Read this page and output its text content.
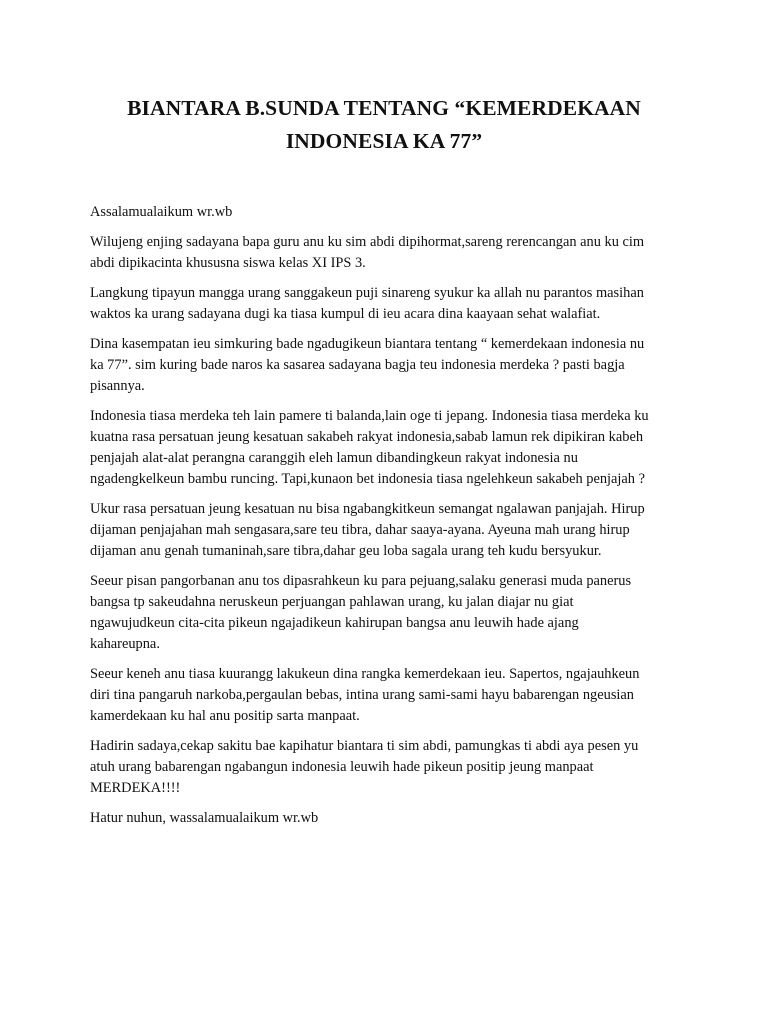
BIANTARA B.SUNDA TENTANG “KEMERDEKAAN
INDONESIA KA 77”

Assalamualaikum wr.wb

Wilujeng enjing sadayana bapa guru anu ku sim abdi dipihormat,sareng rerencangan anu ku cim
abdi dipikacinta khususna siswa kelas XI IPS 3.

Langkung tipayun mangga urang sanggakeun puji sinareng syukur ka allah nu parantos masihan
waktos ka urang sadayana dugi ka tiasa kumpul di ieu acara dina kaayaan sehat walafiat.

Dina kasempatan ieu simkuring bade ngadugikeun biantara tentang “ kemerdekaan indonesia nu
ka 77”. sim kuring bade naros ka sasarea sadayana bagja teu indonesia merdeka ? pasti bagja
pisannya.

Indonesia tiasa merdeka teh lain pamere ti balanda,lain oge ti jepang. Indonesia tiasa merdeka ku
kuatna rasa persatuan jeung kesatuan sakabeh rakyat indonesia,sabab lamun rek dipikiran kabeh
penjajah alat-alat perangna caranggih eleh lamun dibandingkeun rakyat indonesia nu
ngadengkelkeun bambu runcing. Tapi,kunaon bet indonesia tiasa ngelehkeun sakabeh penjajah ?

Ukur rasa persatuan jeung kesatuan nu bisa ngabangkitkeun semangat ngalawan panjajah. Hirup
dijaman penjajahan mah sengasara,sare teu tibra, dahar saaya-ayana. Ayeuna mah urang hirup
dijaman anu genah tumaninah,sare tibra,dahar geu loba sagala urang teh kudu bersyukur.

Seeur pisan pangorbanan anu tos dipasrahkeun ku para pejuang,salaku generasi muda panerus
bangsa tp sakeudahna neruskeun perjuangan pahlawan urang, ku jalan diajar nu giat
ngawujudkeun cita-cita pikeun ngajadikeun kahirupan bangsa anu leuwih hade ajang
kahareupna.

Seeur keneh anu tiasa kuurangg lakukeun dina rangka kemerdekaan ieu. Sapertos, ngajauhkeun
diri tina pangaruh narkoba,pergaulan bebas, intina urang sami-sami hayu babarengan ngeusian
kamerdekaan ku hal anu positip sarta manpaat.

Hadirin sadaya,cekap sakitu bae kapihatur biantara ti sim abdi, pamungkas ti abdi aya pesen yu
atuh urang babarengan ngabangun indonesia leuwih hade pikeun positip jeung manpaat
MERDEKA!!!!

Hatur nuhun, wassalamualaikum wr.wb
